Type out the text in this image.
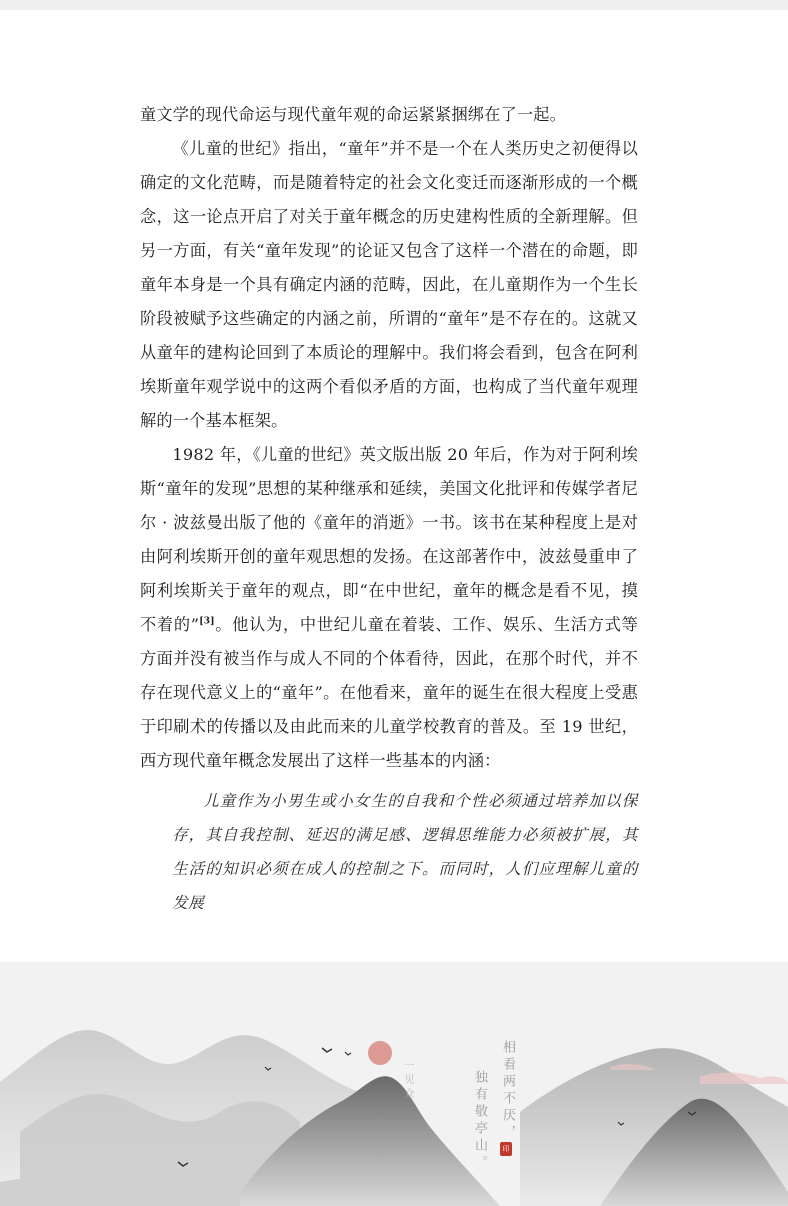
童文学的现代命运与现代童年观的命运紧紧捆绑在了一起。

《儿童的世纪》指出，“童年”并不是一个在人类历史之初便得以确定的文化范畴，而是随着特定的社会文化变迁而逐渐形成的一个概念，这一论点开启了对关于童年概念的历史建构性质的全新理解。但另一方面，有关“童年发现”的论证又包含了这样一个潜在的命题，即童年本身是一个具有确定内涵的范畴，因此，在儿童期作为一个生长阶段被赋予这些确定的内涵之前，所谓的“童年”是不存在的。这就又从童年的建构论回到了本质论的理解中。我们将会看到，包含在阿利埃斯童年观学说中的这两个看似矛盾的方面，也构成了当代童年观理解的一个基本框架。

1982 年，《儿童的世纪》英文版出版 20 年后，作为对于阿利埃斯“童年的发现”思想的某种继承和延续，美国文化批评和传媒学者尼尔 · 波兹曼出版了他的《童年的消逝》一书。该书在某种程度上是对由阿利埃斯开创的童年观思想的发扬。在这部著作中，波兹曼重申了阿利埃斯关于童年的观点，即“在中世纪，童年的概念是看不见，摸不着的”[3]。他认为，中世纪儿童在着装、工作、娱乐、生活方式等方面并没有被当作与成人不同的个体看待，因此，在那个时代，并不存在现代意义上的“童年”。在他看来，童年的诞生在很大程度上受惠于印刷术的传播以及由此而来的儿童学校教育的普及。至 19 世纪，西方现代童年概念发展出了这样一些基本的内涵：

儿童作为小男生或小女生的自我和个性必须通过培养加以保存，其自我控制、延迟的满足感、逻辑思维能力必须被扩展，其生活的知识必须在成人的控制之下。而同时，人们应理解儿童的发展

相看两不厌，
独有敬亭山。
一见众
印
